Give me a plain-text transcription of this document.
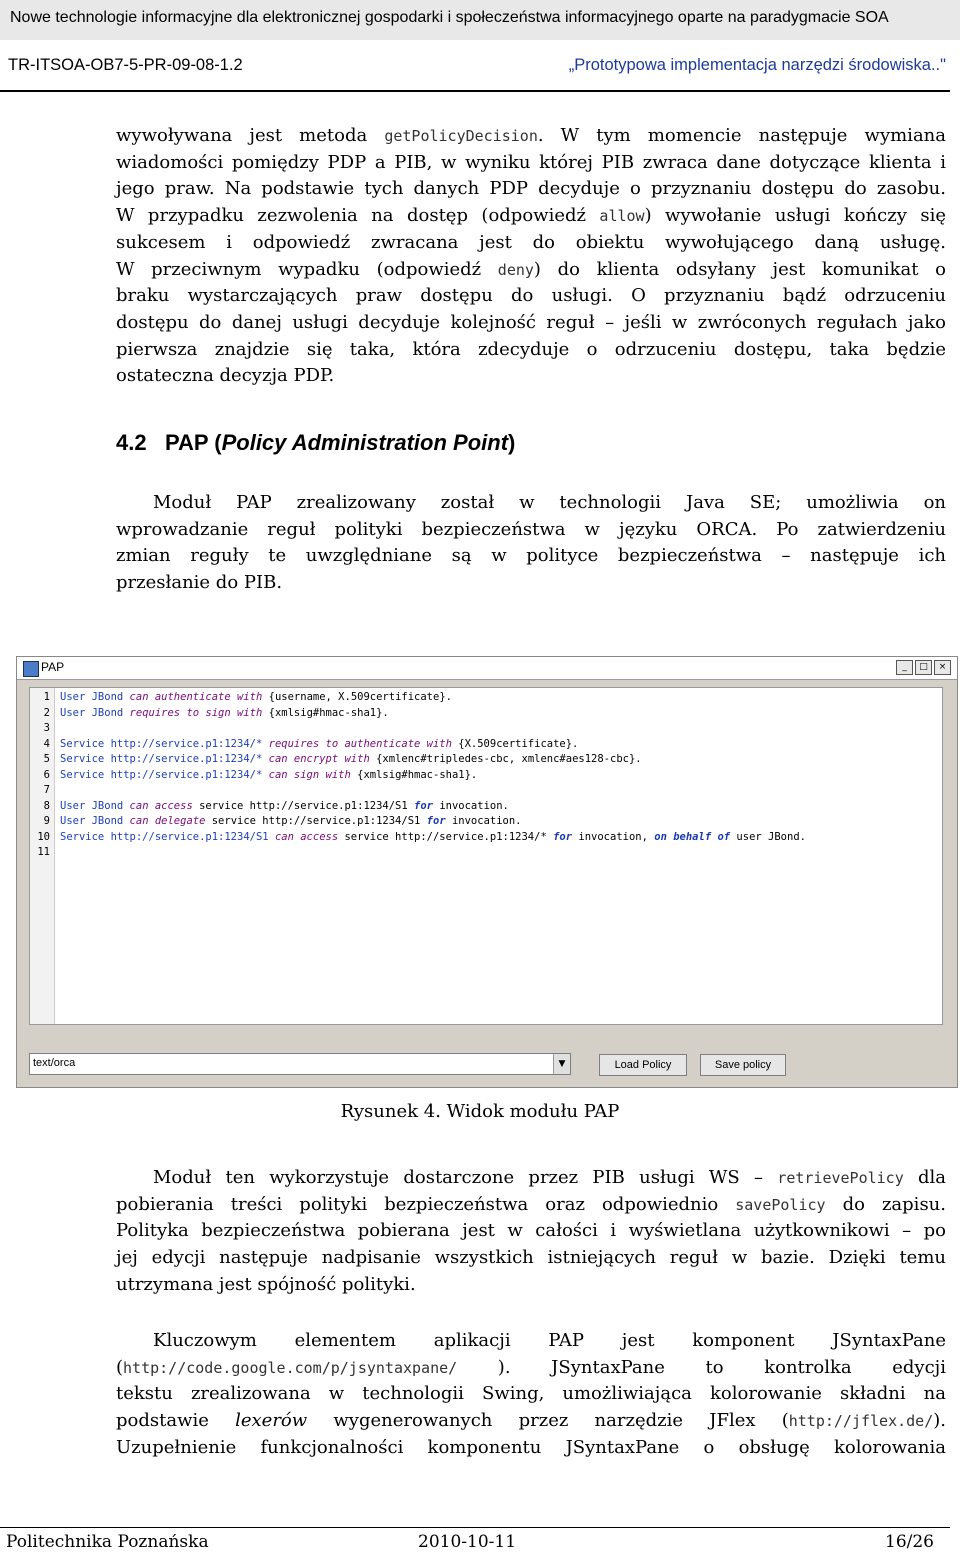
Nowe technologie informacyjne dla elektronicznej gospodarki i społeczeństwa informacyjnego oparte na paradygmacie SOA
TR-ITSOA-OB7-5-PR-09-08-1.2	„Prototypowa implementacja narzędzi środowiska.."
wywoływana jest metoda getPolicyDecision. W tym momencie następuje wymiana
wiadomości pomiędzy PDP a PIB, w wyniku której PIB zwraca dane dotyczące klienta i
jego praw. Na podstawie tych danych PDP decyduje o przyznaniu dostępu do zasobu.
W przypadku zezwolenia na dostęp (odpowiedź allow) wywołanie usługi kończy się
sukcesem i odpowiedź zwracana jest do obiektu wywołującego daną usługę.
W przeciwnym wypadku (odpowiedź deny) do klienta odsyłany jest komunikat o
braku wystarczających praw dostępu do usługi. O przyznaniu bądź odrzuceniu
dostępu do danej usługi decyduje kolejność reguł – jeśli w zwróconych regułach jako
pierwsza znajdzie się taka, która zdecyduje o odrzuceniu dostępu, taka będzie
ostateczna decyzja PDP.
4.2 PAP (Policy Administration Point)
Moduł PAP zrealizowany został w technologii Java SE; umożliwia on
wprowadzanie reguł polityki bezpieczeństwa w języku ORCA. Po zatwierdzeniu
zmian reguły te uwzględniane są w polityce bezpieczeństwa – następuje ich
przesłanie do PIB.
PAP	_	□	×
1
2
3
4
5
6
7
8
9
10
11
User JBond can authenticate with {username, X.509certificate}.
User JBond requires to sign with {xmlsig#hmac-sha1}.
Service http://service.p1:1234/* requires to authenticate with {X.509certificate}.
Service http://service.p1:1234/* can encrypt with {xmlenc#tripledes-cbc, xmlenc#aes128-cbc}.
Service http://service.p1:1234/* can sign with {xmlsig#hmac-sha1}.
User JBond can access service http://service.p1:1234/S1 for invocation.
User JBond can delegate service http://service.p1:1234/S1 for invocation.
Service http://service.p1:1234/S1 can access service http://service.p1:1234/* for invocation, on behalf of user JBond.
text/orca	▼	Load Policy	Save policy
Rysunek 4. Widok modułu PAP
Moduł ten wykorzystuje dostarczone przez PIB usługi WS – retrievePolicy dla
pobierania treści polityki bezpieczeństwa oraz odpowiednio savePolicy do zapisu.
Polityka bezpieczeństwa pobierana jest w całości i wyświetlana użytkownikowi – po
jej edycji następuje nadpisanie wszystkich istniejących reguł w bazie. Dzięki temu
utrzymana jest spójność polityki.
Kluczowym elementem aplikacji PAP jest komponent JSyntaxPane
(http://code.google.com/p/jsyntaxpane/ ). JSyntaxPane to kontrolka edycji
tekstu zrealizowana w technologii Swing, umożliwiająca kolorowanie składni na
podstawie lexerów wygenerowanych przez narzędzie JFlex (http://jflex.de/).
Uzupełnienie funkcjonalności komponentu JSyntaxPane o obsługę kolorowania
Politechnika Poznańska	2010-10-11	16/26
